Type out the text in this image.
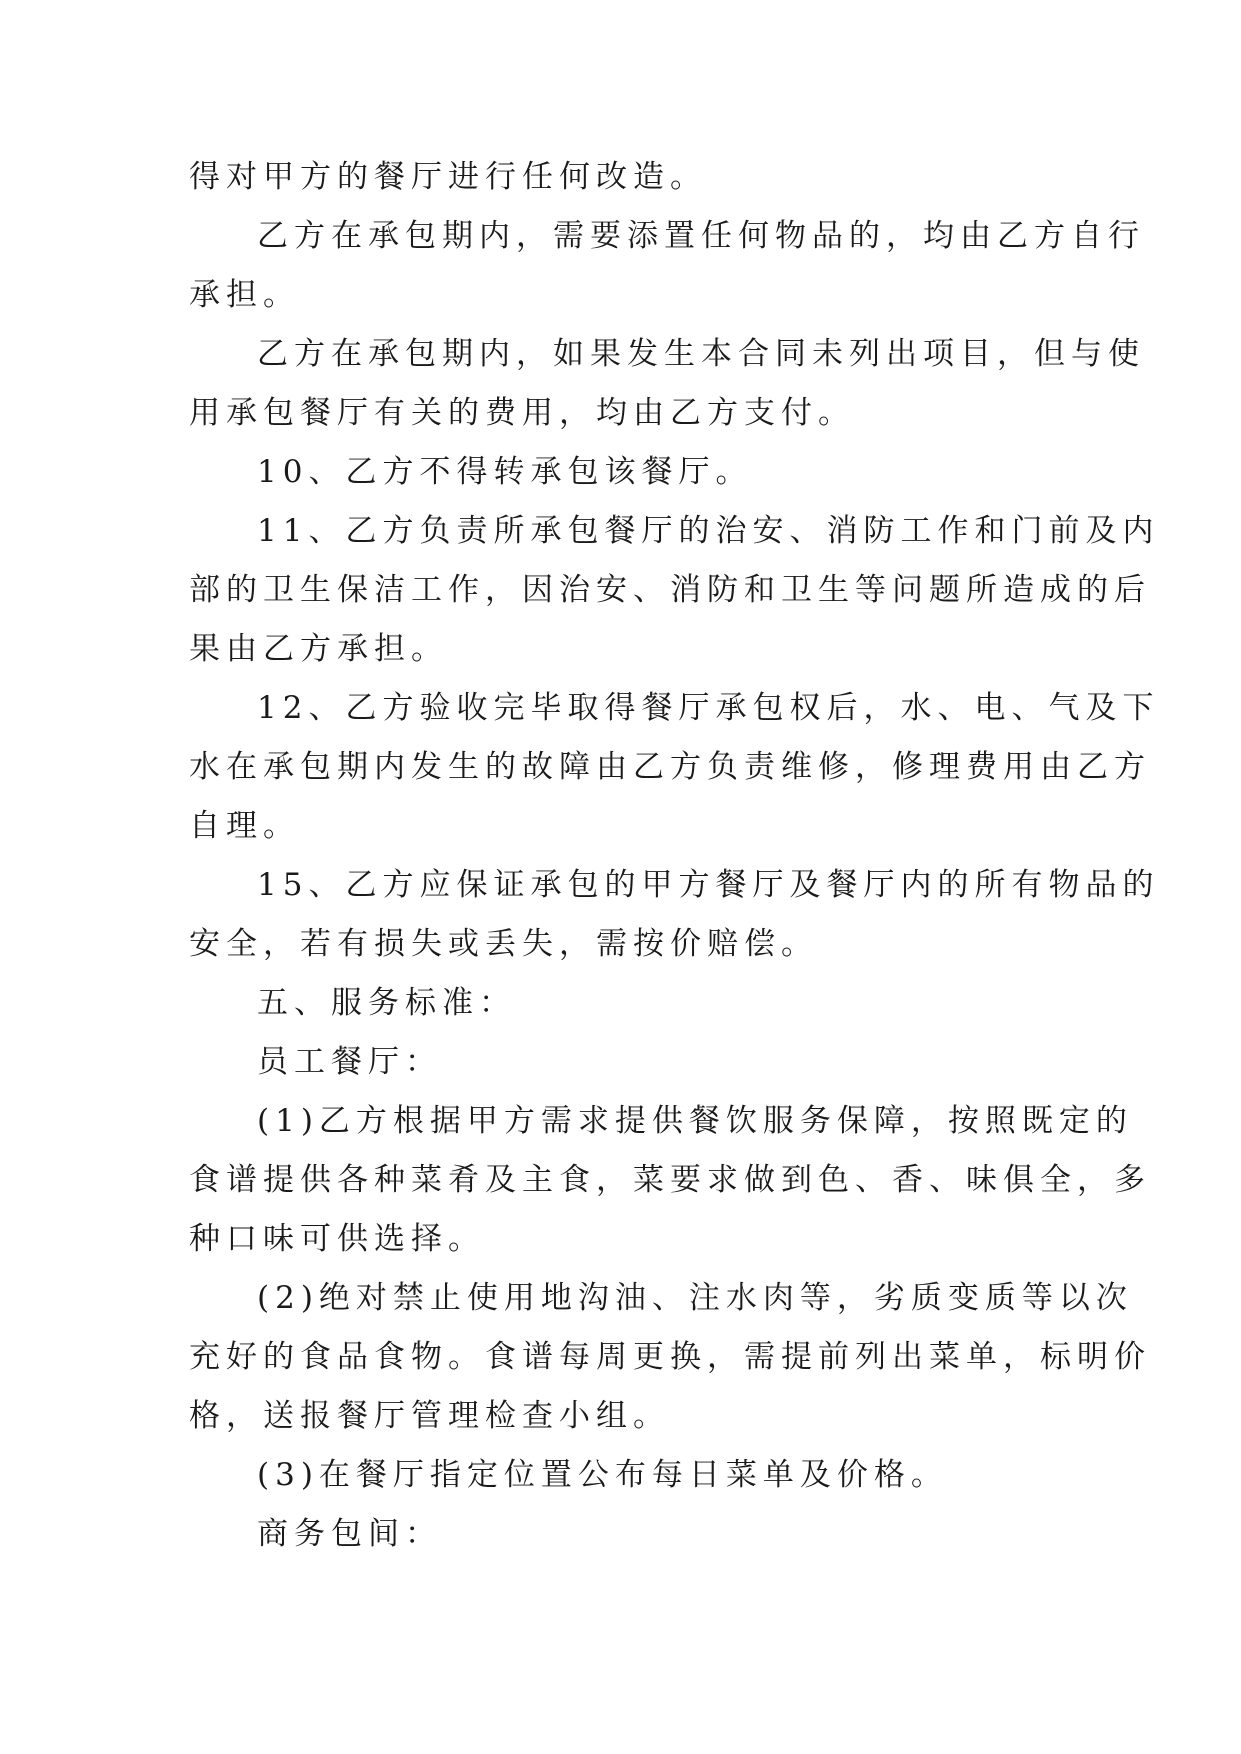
得对甲方的餐厅进行任何改造。
乙方在承包期内，需要添置任何物品的，均由乙方自行
承担。
乙方在承包期内，如果发生本合同未列出项目，但与使
用承包餐厅有关的费用，均由乙方支付。
10、乙方不得转承包该餐厅。
11、乙方负责所承包餐厅的治安、消防工作和门前及内
部的卫生保洁工作，因治安、消防和卫生等问题所造成的后
果由乙方承担。
12、乙方验收完毕取得餐厅承包权后，水、电、气及下
水在承包期内发生的故障由乙方负责维修，修理费用由乙方
自理。
15、乙方应保证承包的甲方餐厅及餐厅内的所有物品的
安全，若有损失或丢失，需按价赔偿。
五、服务标准：
员工餐厅：
(1)乙方根据甲方需求提供餐饮服务保障，按照既定的
食谱提供各种菜肴及主食，菜要求做到色、香、味俱全，多
种口味可供选择。
(2)绝对禁止使用地沟油、注水肉等，劣质变质等以次
充好的食品食物。食谱每周更换，需提前列出菜单，标明价
格，送报餐厅管理检查小组。
(3)在餐厅指定位置公布每日菜单及价格。
商务包间：
